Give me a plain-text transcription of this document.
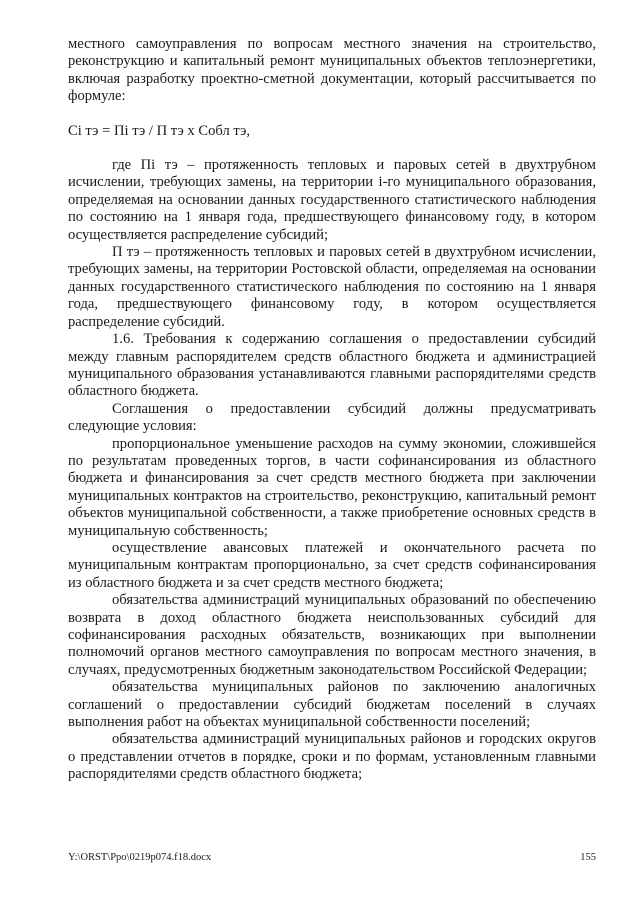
местного самоуправления по вопросам местного значения на строительство, реконструкцию и капитальный ремонт муниципальных объектов теплоэнергетики, включая разработку проектно-сметной документации, который рассчитывается по формуле:

Сi тэ = Пi тэ / П тэ х Cобл тэ,

где Пi тэ – протяженность тепловых и паровых сетей в двухтрубном исчислении, требующих замены, на территории i-го муниципального образования, определяемая на основании данных государственного статистического наблюдения по состоянию на 1 января года, предшествующего финансовому году, в котором осуществляется распределение субсидий;

П тэ – протяженность тепловых и паровых сетей в двухтрубном исчислении, требующих замены, на территории Ростовской области, определяемая на основании данных государственного статистического наблюдения по состоянию на 1 января года, предшествующего финансовому году, в котором осуществляется распределение субсидий.

1.6. Требования к содержанию соглашения о предоставлении субсидий между главным распорядителем средств областного бюджета и администрацией муниципального образования устанавливаются главными распорядителями средств областного бюджета.

Соглашения о предоставлении субсидий должны предусматривать следующие условия:

пропорциональное уменьшение расходов на сумму экономии, сложившейся по результатам проведенных торгов, в части софинансирования из областного бюджета и финансирования за счет средств местного бюджета при заключении муниципальных контрактов на строительство, реконструкцию, капитальный ремонт объектов муниципальной собственности, а также приобретение основных средств в муниципальную собственность;

осуществление авансовых платежей и окончательного расчета по муниципальным контрактам пропорционально, за счет средств софинансирования из областного бюджета и за счет средств местного бюджета;

обязательства администраций муниципальных образований по обеспечению возврата в доход областного бюджета неиспользованных субсидий для софинансирования расходных обязательств, возникающих при выполнении полномочий органов местного самоуправления по вопросам местного значения, в случаях, предусмотренных бюджетным законодательством Российской Федерации;

обязательства муниципальных районов по заключению аналогичных соглашений о предоставлении субсидий бюджетам поселений в случаях выполнения работ на объектах муниципальной собственности поселений;

обязательства администраций муниципальных районов и городских округов о представлении отчетов в порядке, сроки и по формам, установленным главными распорядителями средств областного бюджета;

Y:\ORST\Ppo\0219p074.f18.docx	155
